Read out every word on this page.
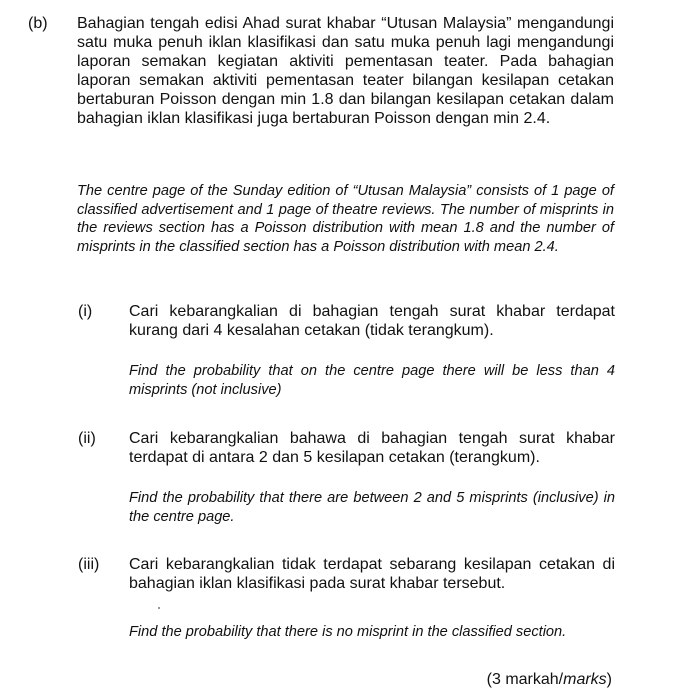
(b) Bahagian tengah edisi Ahad surat khabar “Utusan Malaysia” mengandungi satu muka penuh iklan klasifikasi dan satu muka penuh lagi mengandungi laporan semakan kegiatan aktiviti pementasan teater. Pada bahagian laporan semakan aktiviti pementasan teater bilangan kesilapan cetakan bertaburan Poisson dengan min 1.8 dan bilangan kesilapan cetakan dalam bahagian iklan klasifikasi juga bertaburan Poisson dengan min 2.4.
The centre page of the Sunday edition of “Utusan Malaysia” consists of 1 page of classified advertisement and 1 page of theatre reviews. The number of misprints in the reviews section has a Poisson distribution with mean 1.8 and the number of misprints in the classified section has a Poisson distribution with mean 2.4.
(i) Cari kebarangkalian di bahagian tengah surat khabar terdapat kurang dari 4 kesalahan cetakan (tidak terangkum).
Find the probability that on the centre page there will be less than 4 misprints (not inclusive)
(ii) Cari kebarangkalian bahawa di bahagian tengah surat khabar terdapat di antara 2 dan 5 kesilapan cetakan (terangkum).
Find the probability that there are between 2 and 5 misprints (inclusive) in the centre page.
(iii) Cari kebarangkalian tidak terdapat sebarang kesilapan cetakan di bahagian iklan klasifikasi pada surat khabar tersebut.
Find the probability that there is no misprint in the classified section.
(3 markah/marks)
